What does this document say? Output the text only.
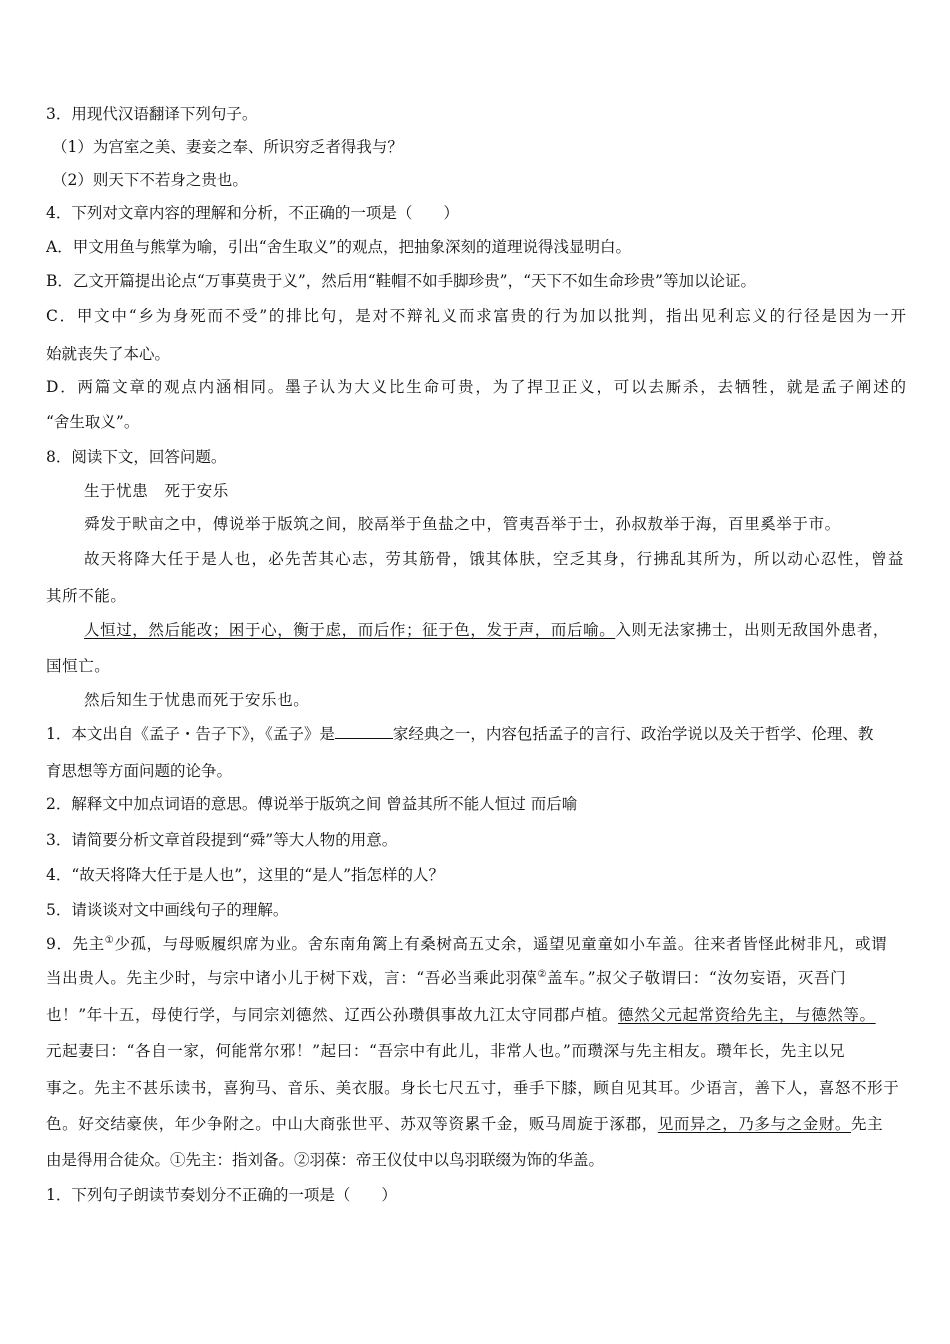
3．用现代汉语翻译下列句子。
（1）为宫室之美、妻妾之奉、所识穷乏者得我与？
（2）则天下不若身之贵也。
4．下列对文章内容的理解和分析，不正确的一项是（　　）
A．甲文用鱼与熊掌为喻，引出“舍生取义”的观点，把抽象深刻的道理说得浅显明白。
B．乙文开篇提出论点“万事莫贵于义”，然后用“鞋帽不如手脚珍贵”，“天下不如生命珍贵”等加以论证。
C．甲文中“乡为身死而不受”的排比句，是对不辩礼义而求富贵的行为加以批判，指出见利忘义的行径是因为一开
始就丧失了本心。
D．两篇文章的观点内涵相同。墨子认为大义比生命可贵，为了捍卫正义，可以去厮杀，去牺牲，就是孟子阐述的
“舍生取义”。
8．阅读下文，回答问题。
生于忧患　死于安乐
舜发于畎亩之中，傅说举于版筑之间，胶鬲举于鱼盐之中，管夷吾举于士，孙叔敖举于海，百里奚举于市。
故天将降大任于是人也，必先苦其心志，劳其筋骨，饿其体肤，空乏其身，行拂乱其所为，所以动心忍性，曾益
其所不能。
人恒过，然后能改；困于心，衡于虑，而后作；征于色，发于声，而后喻。入则无法家拂士，出则无敌国外患者，
国恒亡。
然后知生于忧患而死于安乐也。
1．本文出自《孟子・告子下》，《孟子》是	家经典之一，内容包括孟子的言行、政治学说以及关于哲学、伦理、教
育思想等方面问题的论争。
2．解释文中加点词语的意思。傅说举于版筑之间 曾益其所不能人恒过 而后喻
3．请简要分析文章首段提到“舜”等大人物的用意。
4．“故天将降大任于是人也”，这里的“是人”指怎样的人？
5．请谈谈对文中画线句子的理解。
9．先主①少孤，与母贩履织席为业。舍东南角篱上有桑树高五丈余，遥望见童童如小车盖。往来者皆怪此树非凡，或谓
当出贵人。先主少时，与宗中诸小儿于树下戏，言：“吾必当乘此羽葆②盖车。”叔父子敬谓曰：“汝勿妄语，灭吾门
也！”年十五，母使行学，与同宗刘德然、辽西公孙瓒俱事故九江太守同郡卢植。德然父元起常资给先主，与德然等。
元起妻曰：“各自一家，何能常尔邪！”起曰：“吾宗中有此儿，非常人也。”而瓒深与先主相友。瓒年长，先主以兄
事之。先主不甚乐读书，喜狗马、音乐、美衣服。身长七尺五寸，垂手下膝，顾自见其耳。少语言，善下人，喜怒不形于
色。好交结豪侠，年少争附之。中山大商张世平、苏双等资累千金，贩马周旋于涿郡，见而异之，乃多与之金财。先主
由是得用合徒众。①先主：指刘备。②羽葆：帝王仪仗中以鸟羽联缀为饰的华盖。
1．下列句子朗读节奏划分不正确的一项是（　　）
